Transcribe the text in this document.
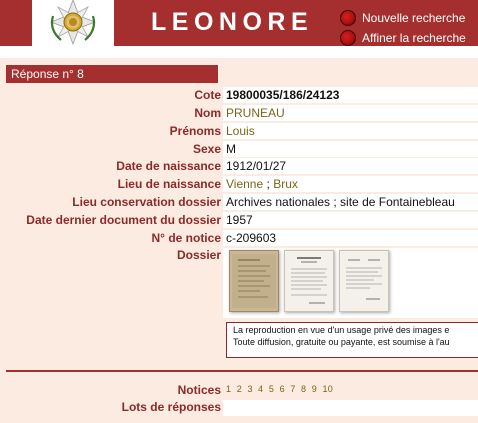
LEONORE	Nouvelle recherche
Affiner la recherche
Réponse n° 8
Cote 19800035/186/24123
Nom PRUNEAU
Prénoms Louis
Sexe M
Date de naissance 1912/01/27
Lieu de naissance Vienne ; Brux
Lieu conservation dossier Archives nationales ; site de Fontainebleau
Date dernier document du dossier 1957
N° de notice c-209603
Dossier
La reproduction en vue d'un usage privé des images e
Toute diffusion, gratuite ou payante, est soumise à l'au
Notices 1 2 3 4 5 6 7 8 9 10
Lots de réponses
